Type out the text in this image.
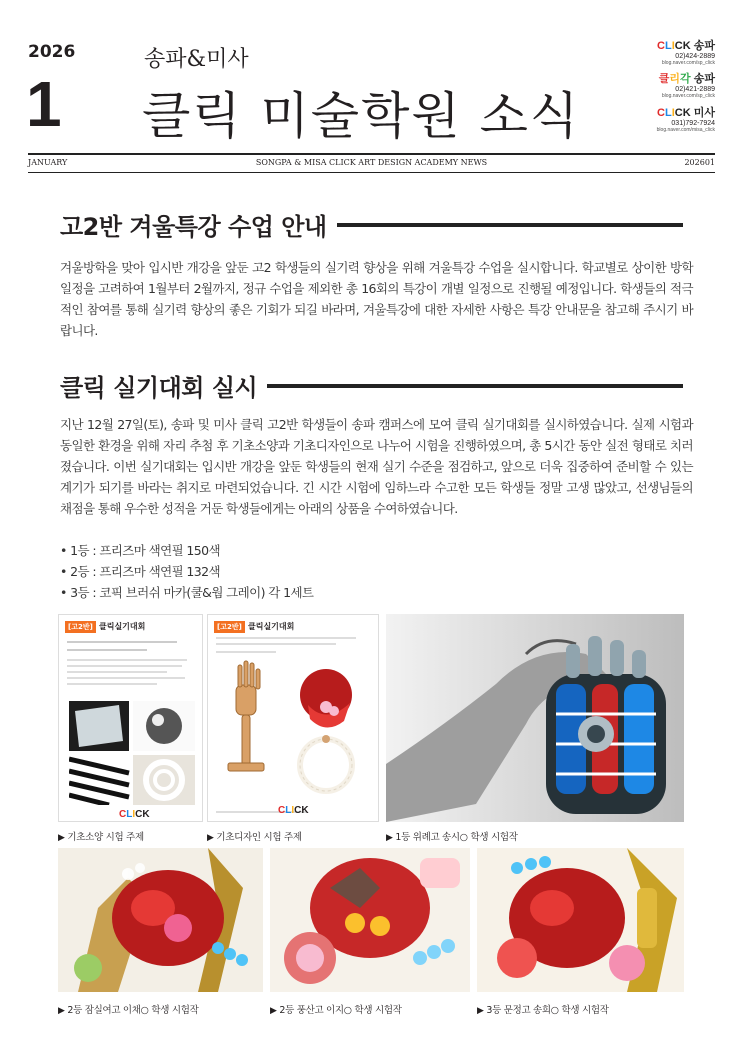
2026
1
송파&미사
클릭 미술학원 소식
CLICK 송파
02)424-2889
blog.naver.com/sp_click
클리각 송파
02)421-2889
blog.naver.com/sp_click
CLICK 미사
031)792-7924
blog.naver.com/misa_click
JANUARY	SONGPA & MISA CLICK ART DESIGN ACADEMY NEWS	202601
고2반 겨울특강 수업 안내

겨울방학을 맞아 입시반 개강을 앞둔 고2 학생들의 실기력 향상을 위해 겨울특강 수업을 실시합니다. 학교별로 상이한 방학 일정을 고려하여 1월부터 2월까지, 정규 수업을 제외한 총 16회의 특강이 개별 일정으로 진행될 예정입니다. 학생들의 적극적인 참여를 통해 실기력 향상의 좋은 기회가 되길 바라며, 겨울특강에 대한 자세한 사항은 특강 안내문을 참고해 주시기 바랍니다.

클릭 실기대회 실시

지난 12월 27일(토), 송파 및 미사 클릭 고2반 학생들이 송파 캠퍼스에 모여 클릭 실기대회를 실시하였습니다. 실제 시험과 동일한 환경을 위해 자리 추첨 후 기초소양과 기초디자인으로 나누어 시험을 진행하였으며, 총 5시간 동안 실전 형태로 치러졌습니다. 이번 실기대회는 입시반 개강을 앞둔 학생들의 현재 실기 수준을 점검하고, 앞으로 더욱 집중하여 준비할 수 있는 계기가 되기를 바라는 취지로 마련되었습니다. 긴 시간 시험에 임하느라 수고한 모든 학생들 정말 고생 많았고, 선생님들의 채점을 통해 우수한 성적을 거둔 학생들에게는 아래의 상품을 수여하였습니다.

• 1등 : 프리즈마 색연필 150색
• 2등 : 프리즈마 색연필 132색
• 3등 : 코픽 브러쉬 마카(쿨&웜 그레이) 각 1세트
[고2반] 클릭실기대회
CLICK
▶ 기초소양 시험 주제
[고2반] 클릭실기대회
CLICK
▶ 기초디자인 시험 주제	▶ 1등 위례고 송시○ 학생 시험작
▶ 2등 잠실여고 이채○ 학생 시험작	▶ 2등 풍산고 이지○ 학생 시험작	▶ 3등 문정고 송희○ 학생 시험작
